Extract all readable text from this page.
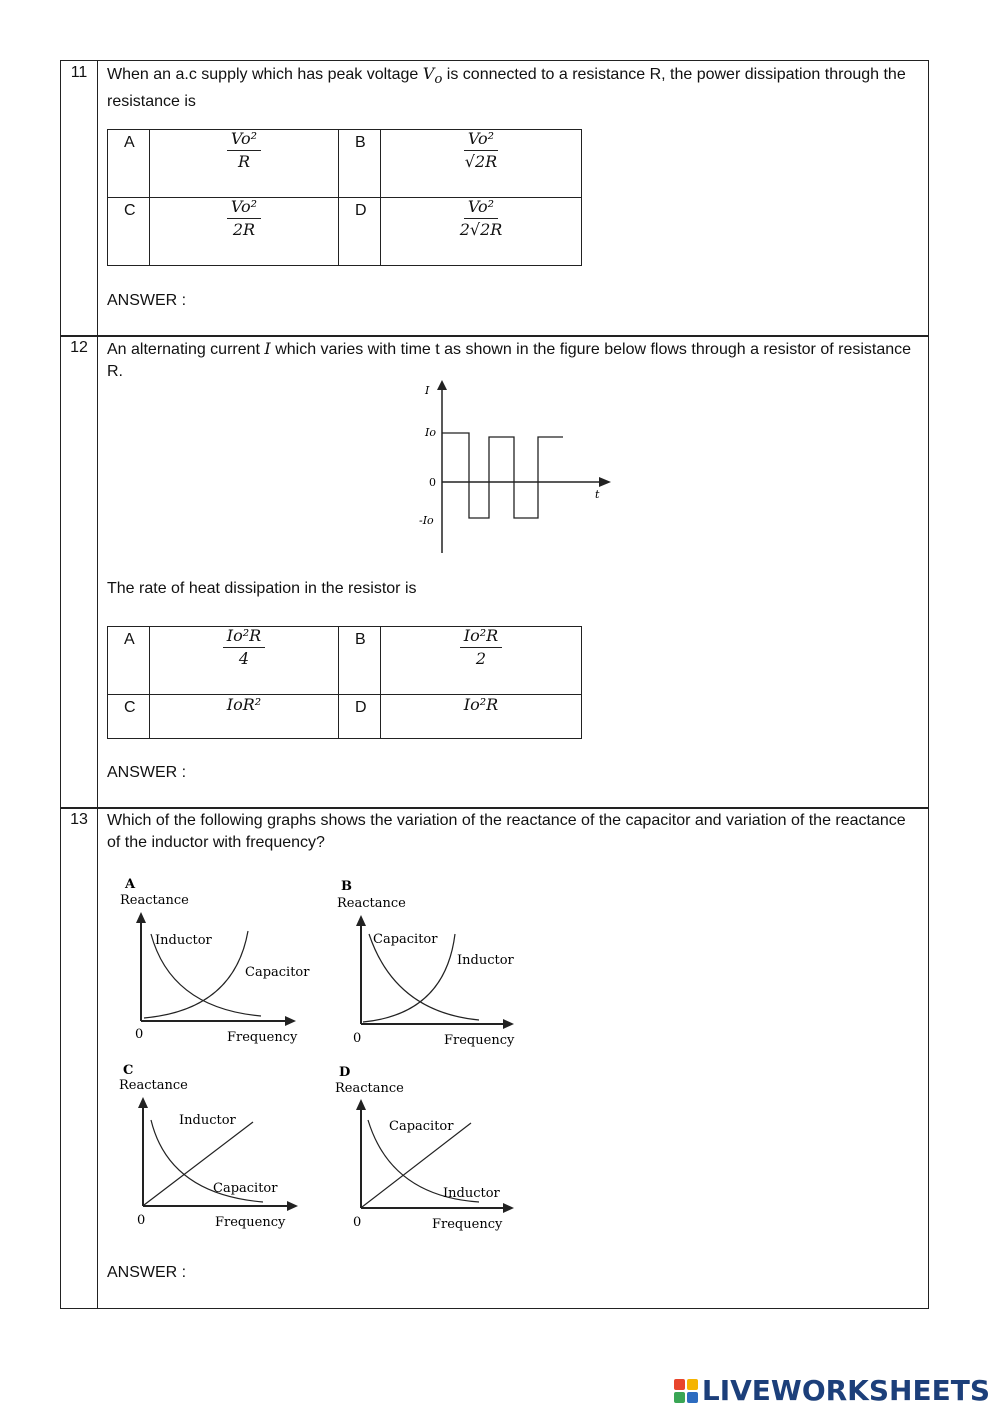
11	When an a.c supply which has peak voltage $V_o$ is connected to a resistance R, the power dissipation through the resistance is
A	$\frac{\text{Vo²}}{R}$	B	$\frac{\text{Vo²}}{√2R}$

C	$\frac{\text{Vo²}}{2R}$	D	$\frac{\text{Vo²}}{2√2R}$
ANSWER :
12	An alternating current I which varies with time t as shown in the figure below flows through a resistor of resistance R.
I
t
Io
0
-Io
The rate of heat dissipation in the resistor is
A	$\frac{\text{Io²R}}{4}$	B	$\frac{\text{Io²R}}{2}$

C	IoR²	D	Io²R
ANSWER :
13	Which of the following graphs shows the variation of the reactance of the capacitor and variation of the reactance of the inductor with frequency?
A
Reactance
Inductor
Capacitor
0	Frequency
B
Reactance
Capacitor
Inductor
0	Frequency
C
Reactance
Inductor
Capacitor
0	Frequency
D
Reactance
Capacitor
Inductor
0	Frequency
ANSWER :
LIVEWORKSHEETS
